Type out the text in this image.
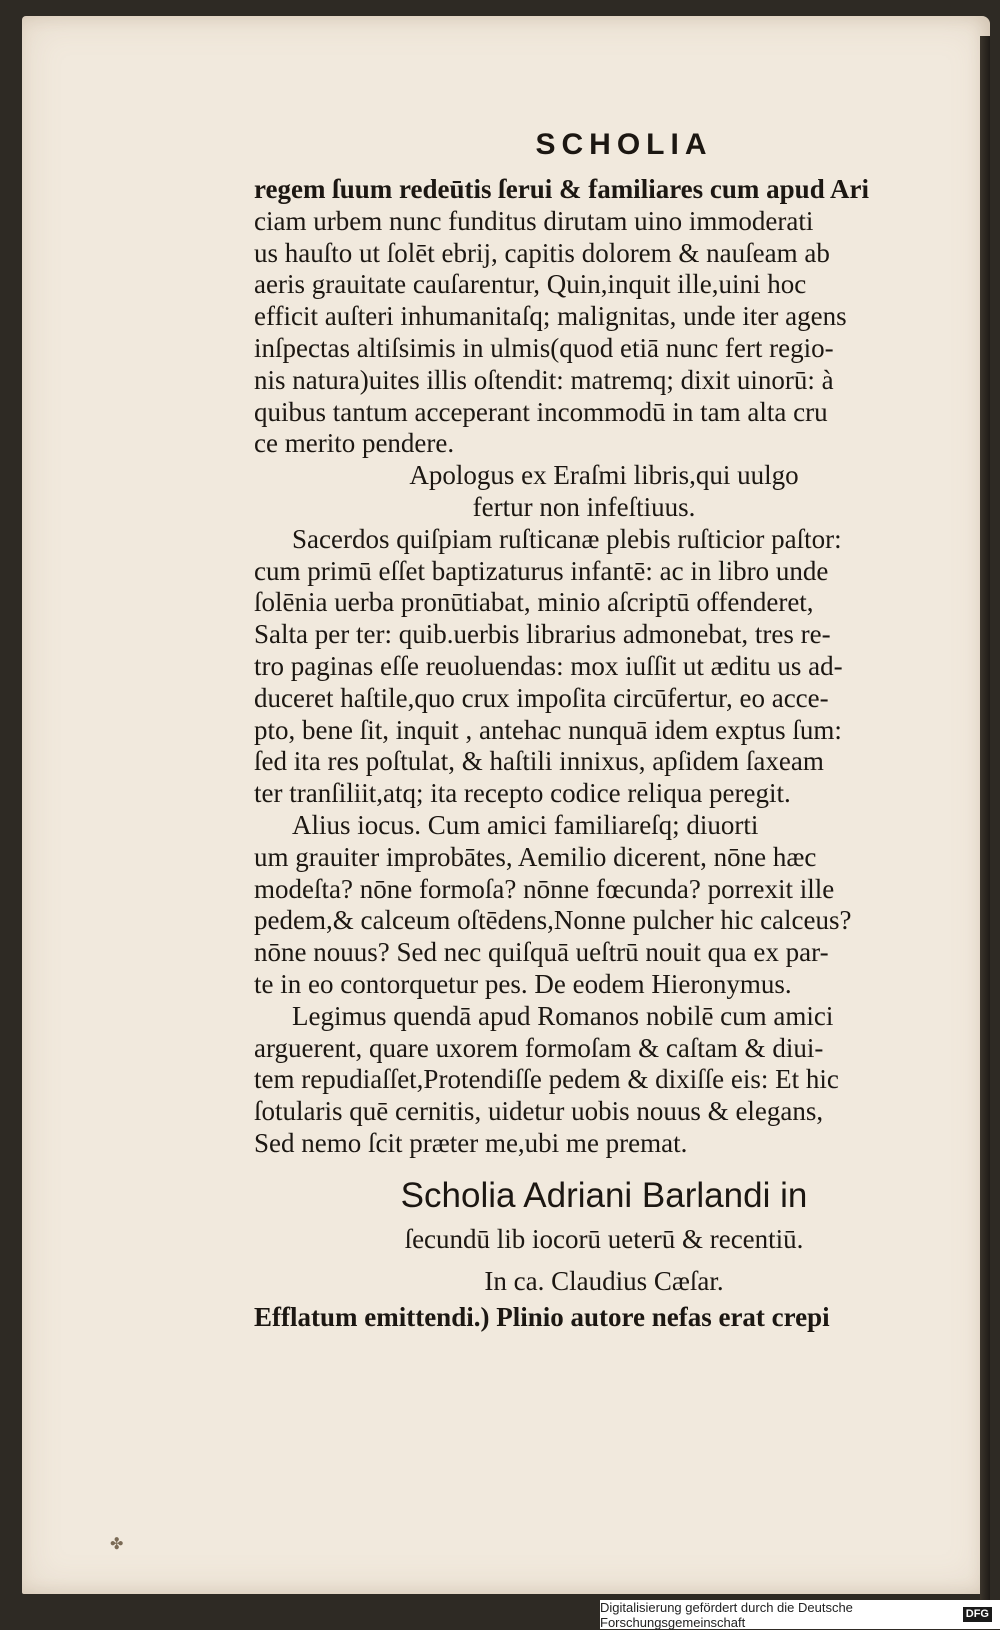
SCHOLIA
regem ſuum redeūtis ſerui & familiares cum apud Ari
ciam urbem nunc funditus dirutam uino immoderati
us hauſto ut ſolēt ebrij, capitis dolorem & nauſeam ab
aeris grauitate cauſarentur, Quin,inquit ille,uini hoc
efficit auſteri inhumanitaſq; malignitas, unde iter agens
inſpectas altiſsimis in ulmis(quod etiā nunc fert regio-
nis natura)uites illis oſtendit: matremq; dixit uinorū: à
quibus tantum acceperant incommodū in tam alta cru
ce merito pendere.
Apologus ex Eraſmi libris,qui uulgo
fertur non infeſtiuus.
Sacerdos quiſpiam ruſticanæ plebis ruſticior paſtor:
cum primū eſſet baptizaturus infantē: ac in libro unde
ſolēnia uerba pronūtiabat, minio aſcriptū offenderet,
Salta per ter: quib.uerbis librarius admonebat, tres re-
tro paginas eſſe reuoluendas: mox iuſſit ut æditu us ad-
duceret haſtile,quo crux impoſita circūfertur, eo acce-
pto, bene ſit, inquit , antehac nunquā idem exptus ſum:
ſed ita res poſtulat, & haſtili innixus, apſidem ſaxeam
ter tranſiliit,atq; ita recepto codice reliqua peregit.
Alius iocus. Cum amici familiareſq; diuorti
um grauiter improbātes, Aemilio dicerent, nōne hæc
modeſta? nōne formoſa? nōnne fœcunda? porrexit ille
pedem,& calceum oſtēdens,Nonne pulcher hic calceus?
nōne nouus? Sed nec quiſquā ueſtrū nouit qua ex par-
te in eo contorquetur pes. De eodem Hieronymus.
Legimus quendā apud Romanos nobilē cum amici
arguerent, quare uxorem formoſam & caſtam & diui-
tem repudiaſſet,Protendiſſe pedem & dixiſſe eis: Et hic
ſotularis quē cernitis, uidetur uobis nouus & elegans,
Sed nemo ſcit præter me,ubi me premat.
Scholia Adriani Barlandi in
ſecundū lib iocorū ueterū & recentiū.
In ca. Claudius Cæſar.
Efflatum emittendi.) Plinio autore nefas erat crepi
✤
Digitalisierung gefördert durch die Deutsche Forschungsgemeinschaft
DFG
